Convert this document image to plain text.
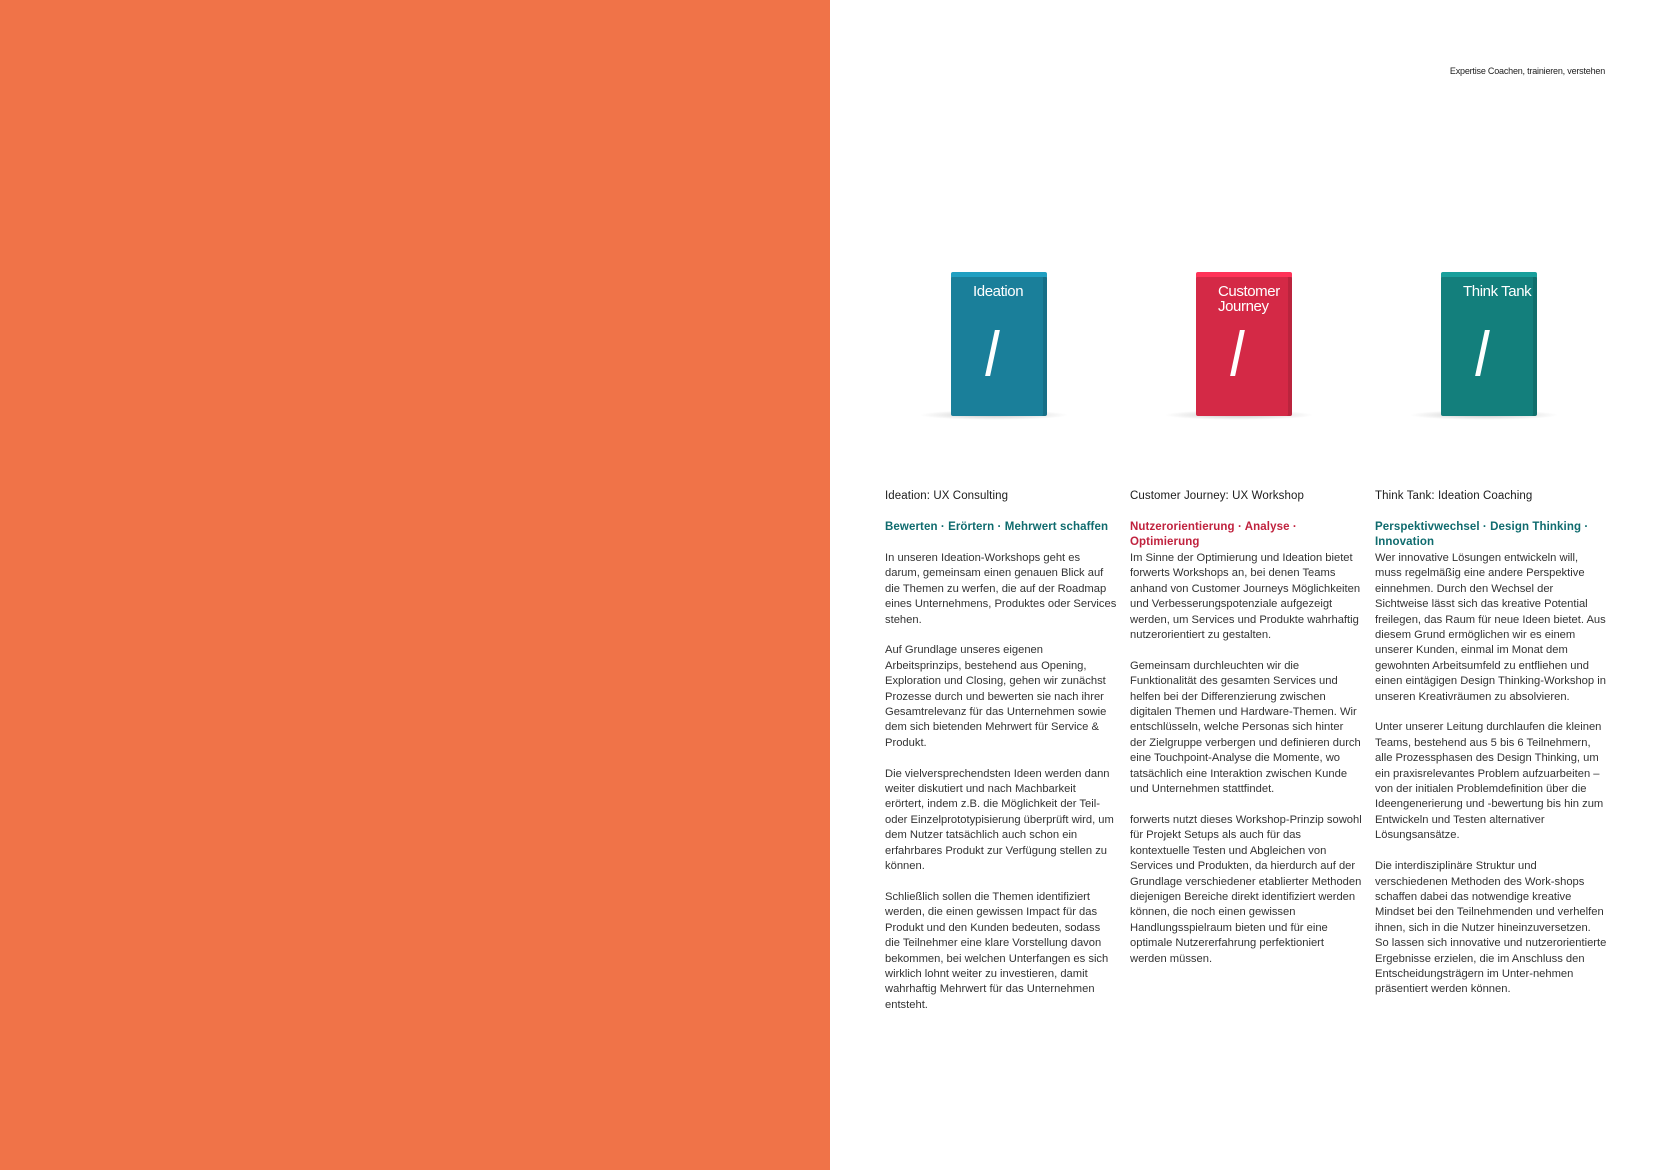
Expertise Coachen, trainieren, verstehen
Ideation
Ideation: UX Consulting
Bewerten · Erörtern · Mehrwert schaffen

In unseren Ideation-Workshops geht es darum, gemeinsam einen genauen Blick auf die Themen zu werfen, die auf der Roadmap eines Unternehmens, Produktes oder Services stehen.

Auf Grundlage unseres eigenen Arbeitsprinzips, bestehend aus Opening, Exploration und Closing, gehen wir zunächst Prozesse durch und bewerten sie nach ihrer Gesamtrelevanz für das Unternehmen sowie dem sich bietenden Mehrwert für Service & Produkt.

Die vielversprechendsten Ideen werden dann weiter diskutiert und nach Machbarkeit erörtert, indem z.B. die Möglichkeit der Teil- oder Einzelprototypisierung überprüft wird, um dem Nutzer tatsächlich auch schon ein erfahrbares Produkt zur Verfügung stellen zu können.

Schließlich sollen die Themen identifiziert werden, die einen gewissen Impact für das Produkt und den Kunden bedeuten, sodass die Teilnehmer eine klare Vorstellung davon bekommen, bei welchen Unterfangen es sich wirklich lohnt weiter zu investieren, damit wahrhaftig Mehrwert für das Unternehmen entsteht.

Customer Journey
Customer Journey: UX Workshop
Nutzerorientierung · Analyse · Optimierung

Im Sinne der Optimierung und Ideation bietet forwerts Workshops an, bei denen Teams anhand von Customer Journeys Möglichkeiten und Verbesserungspotenziale aufgezeigt werden, um Services und Produkte wahrhaftig nutzerorientiert zu gestalten.

Gemeinsam durchleuchten wir die Funktionalität des gesamten Services und helfen bei der Differenzierung zwischen digitalen Themen und Hardware-Themen. Wir entschlüsseln, welche Personas sich hinter der Zielgruppe verbergen und definieren durch eine Touchpoint-Analyse die Momente, wo tatsächlich eine Interaktion zwischen Kunde und Unternehmen stattfindet.

forwerts nutzt dieses Workshop-Prinzip sowohl für Projekt Setups als auch für das kontextuelle Testen und Abgleichen von Services und Produkten, da hierdurch auf der Grundlage verschiedener etablierter Methoden diejenigen Bereiche direkt identifiziert werden können, die noch einen gewissen Handlungsspielraum bieten und für eine optimale Nutzererfahrung perfektioniert werden müssen.

Think Tank
Think Tank: Ideation Coaching
Perspektivwechsel · Design Thinking · Innovation

Wer innovative Lösungen entwickeln will, muss regelmäßig eine andere Perspektive einnehmen. Durch den Wechsel der Sichtweise lässt sich das kreative Potential freilegen, das Raum für neue Ideen bietet. Aus diesem Grund ermöglichen wir es einem unserer Kunden, einmal im Monat dem gewohnten Arbeitsumfeld zu entfliehen und einen eintägigen Design Thinking-Workshop in unseren Kreativräumen zu absolvieren.

Unter unserer Leitung durchlaufen die kleinen Teams, bestehend aus 5 bis 6 Teilnehmern, alle Prozessphasen des Design Thinking, um ein praxisrelevantes Problem aufzuarbeiten – von der initialen Problemdefinition über die Ideengenerierung und -bewertung bis hin zum Entwickeln und Testen alternativer Lösungsansätze.

Die interdisziplinäre Struktur und verschiedenen Methoden des Work-shops schaffen dabei das notwendige kreative Mindset bei den Teilnehmenden und verhelfen ihnen, sich in die Nutzer hineinzuversetzen. So lassen sich innovative und nutzerorientierte Ergebnisse erzielen, die im Anschluss den Entscheidungsträgern im Unter-nehmen präsentiert werden können.
